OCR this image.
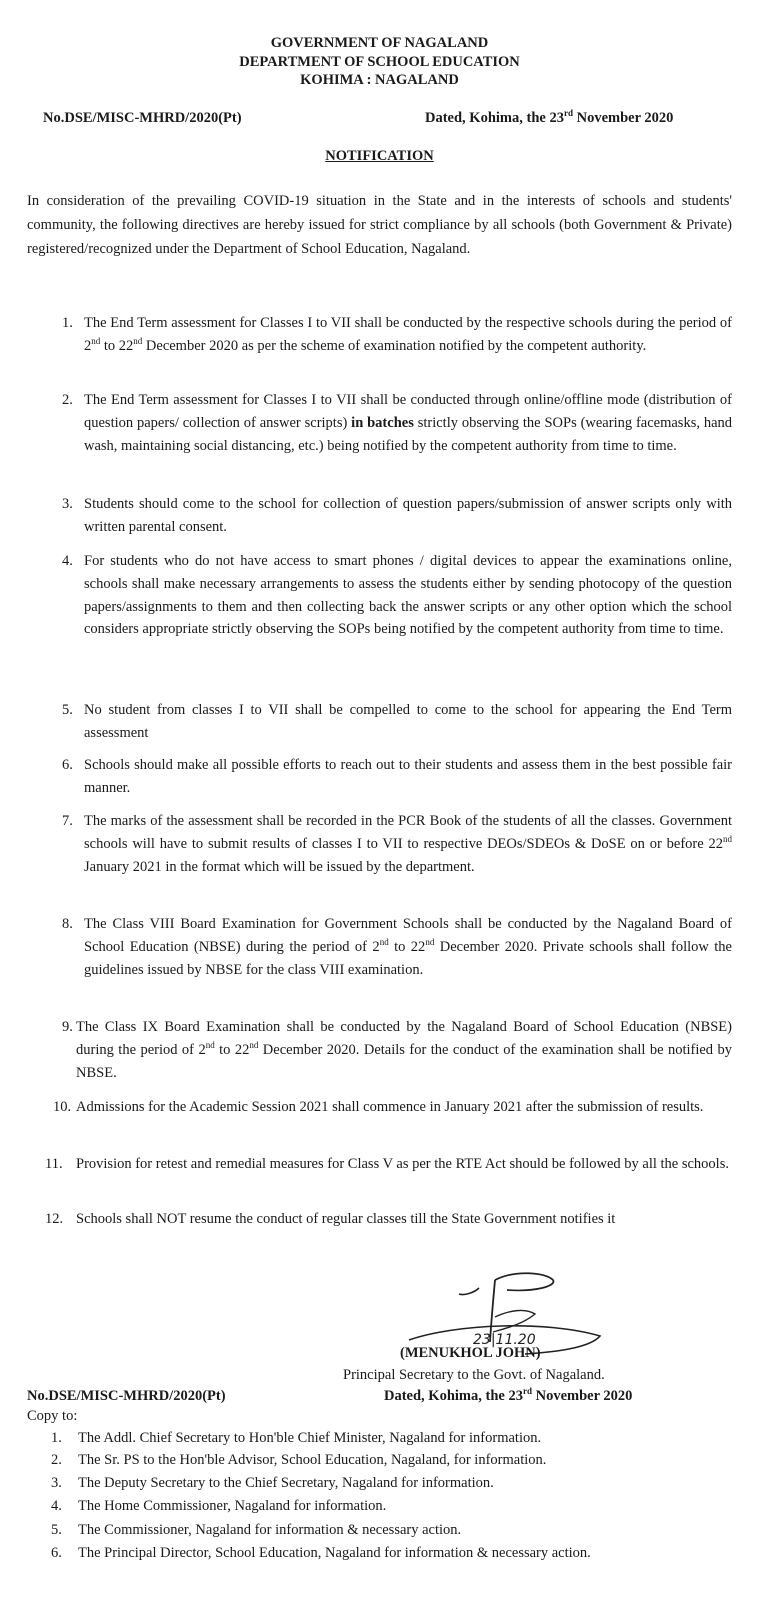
GOVERNMENT OF NAGALAND
DEPARTMENT OF SCHOOL EDUCATION
KOHIMA : NAGALAND
No.DSE/MISC-MHRD/2020(Pt)	Dated, Kohima, the 23rd November 2020
NOTIFICATION
In consideration of the prevailing COVID-19 situation in the State and in the interests of schools and students' community, the following directives are hereby issued for strict compliance by all schools (both Government & Private) registered/recognized under the Department of School Education, Nagaland.
1. The End Term assessment for Classes I to VII shall be conducted by the respective schools during the period of 2nd to 22nd December 2020 as per the scheme of examination notified by the competent authority.
2. The End Term assessment for Classes I to VII shall be conducted through online/offline mode (distribution of question papers/ collection of answer scripts) in batches strictly observing the SOPs (wearing facemasks, hand wash, maintaining social distancing, etc.) being notified by the competent authority from time to time.
3. Students should come to the school for collection of question papers/submission of answer scripts only with written parental consent.
4. For students who do not have access to smart phones / digital devices to appear the examinations online, schools shall make necessary arrangements to assess the students either by sending photocopy of the question papers/assignments to them and then collecting back the answer scripts or any other option which the school considers appropriate strictly observing the SOPs being notified by the competent authority from time to time.
5. No student from classes I to VII shall be compelled to come to the school for appearing the End Term assessment
6. Schools should make all possible efforts to reach out to their students and assess them in the best possible fair manner.
7. The marks of the assessment shall be recorded in the PCR Book of the students of all the classes. Government schools will have to submit results of classes I to VII to respective DEOs/SDEOs & DoSE on or before 22nd January 2021 in the format which will be issued by the department.
8. The Class VIII Board Examination for Government Schools shall be conducted by the Nagaland Board of School Education (NBSE) during the period of 2nd to 22nd December 2020. Private schools shall follow the guidelines issued by NBSE for the class VIII examination.
9. The Class IX Board Examination shall be conducted by the Nagaland Board of School Education (NBSE) during the period of 2nd to 22nd December 2020. Details for the conduct of the examination shall be notified by NBSE.
10. Admissions for the Academic Session 2021 shall commence in January 2021 after the submission of results.
11. Provision for retest and remedial measures for Class V as per the RTE Act should be followed by all the schools.
12. Schools shall NOT resume the conduct of regular classes till the State Government notifies it
23|11.20
(MENUKHOL JOHN)
Principal Secretary to the Govt. of Nagaland.
No.DSE/MISC-MHRD/2020(Pt)	Dated, Kohima, the 23rd November 2020
Copy to:
1. The Addl. Chief Secretary to Hon'ble Chief Minister, Nagaland for information.
2. The Sr. PS to the Hon'ble Advisor, School Education, Nagaland, for information.
3. The Deputy Secretary to the Chief Secretary, Nagaland for information.
4. The Home Commissioner, Nagaland for information.
5. The Commissioner, Nagaland for information & necessary action.
6. The Principal Director, School Education, Nagaland for information & necessary action.
